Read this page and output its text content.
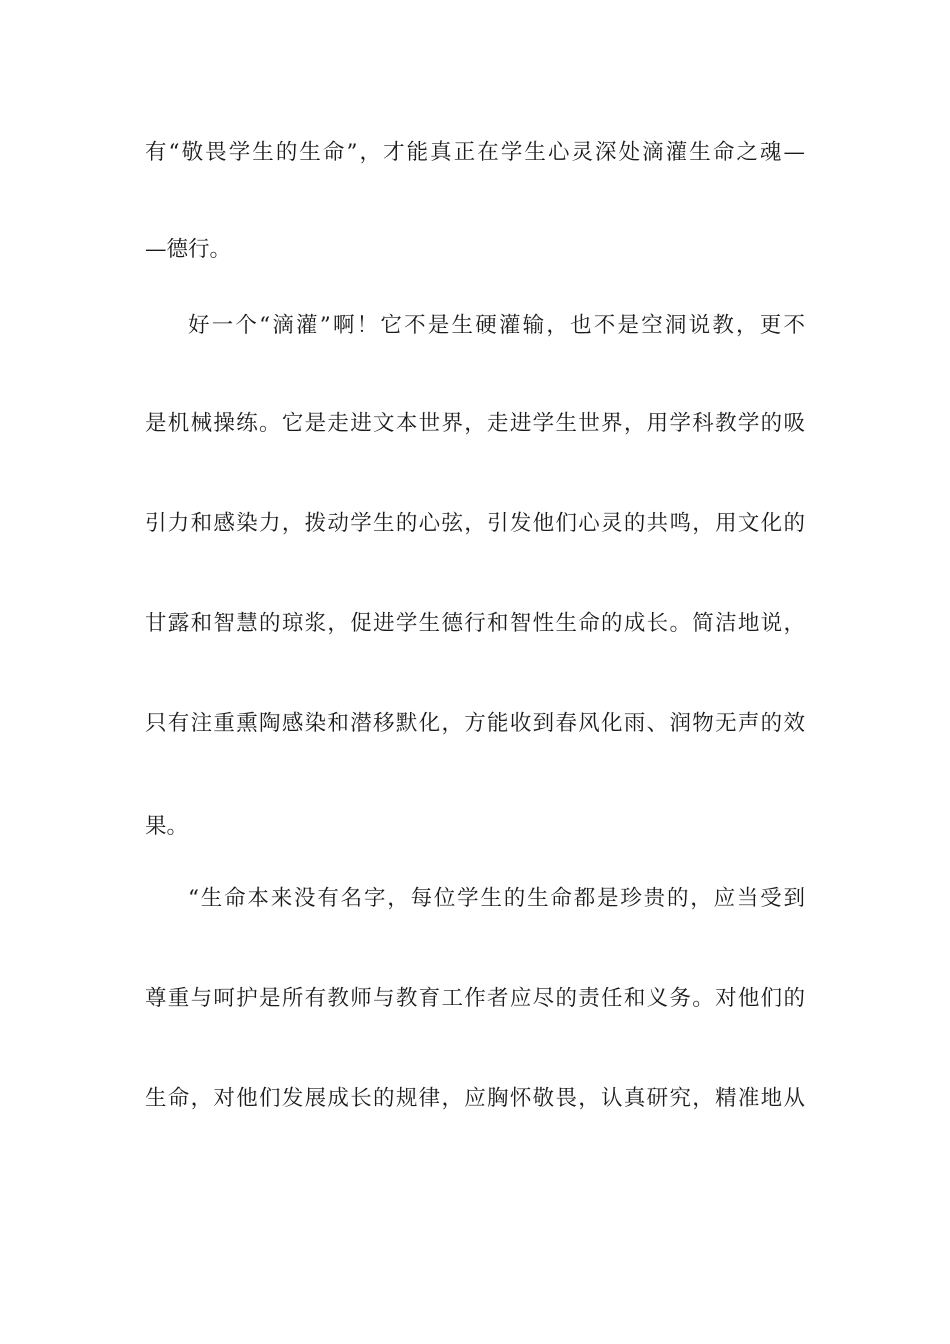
有“敬畏学生的生命”，才能真正在学生心灵深处滴灌生命之魂—
—德行。
好一个“滴灌”啊！它不是生硬灌输，也不是空洞说教，更不
是机械操练。它是走进文本世界，走进学生世界，用学科教学的吸
引力和感染力，拨动学生的心弦，引发他们心灵的共鸣，用文化的
甘露和智慧的琼浆，促进学生德行和智性生命的成长。简洁地说，
只有注重熏陶感染和潜移默化，方能收到春风化雨、润物无声的效
果。
“生命本来没有名字，每位学生的生命都是珍贵的，应当受到
尊重与呵护是所有教师与教育工作者应尽的责任和义务。对他们的
生命，对他们发展成长的规律，应胸怀敬畏，认真研究，精准地从
